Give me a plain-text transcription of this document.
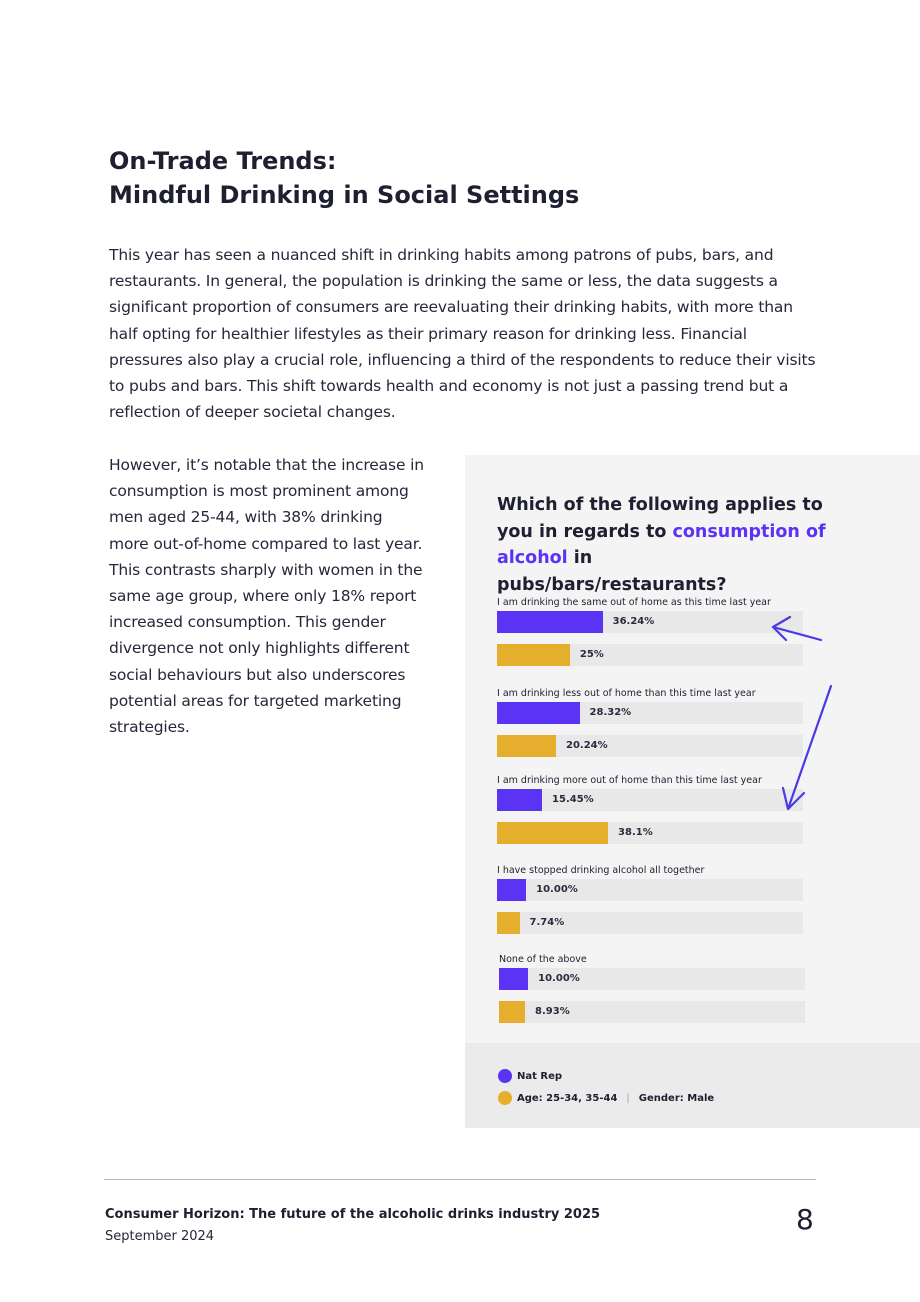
On-Trade Trends:
Mindful Drinking in Social Settings

This year has seen a nuanced shift in drinking habits among patrons of pubs, bars, and restaurants. In general, the population is drinking the same or less, the data suggests a significant proportion of consumers are reevaluating their drinking habits, with more than half opting for healthier lifestyles as their primary reason for drinking less. Financial pressures also play a crucial role, influencing a third of the respondents to reduce their visits to pubs and bars. This shift towards health and economy is not just a passing trend but a reflection of deeper societal changes.

However, it’s notable that the increase in consumption is most prominent among men aged 25-44, with 38% drinking more out-of-home compared to last year. This contrasts sharply with women in the same age group, where only 18% report increased consumption. This gender divergence not only highlights different social behaviours but also underscores potential areas for targeted marketing strategies.

Which of the following applies to you in regards to consumption of alcohol in pubs/bars/restaurants?
I am drinking the same out of home as this time last year
36.24%
25%
I am drinking less out of home than this time last year
28.32%
20.24%
I am drinking more out of home than this time last year
15.45%
38.1%
I have stopped drinking alcohol all together
10.00%
7.74%
None of the above
10.00%
8.93%
Nat Rep
Age: 25-34, 35-44 | Gender: Male
Consumer Horizon: The future of the alcoholic drinks industry 2025
September 2024
8
